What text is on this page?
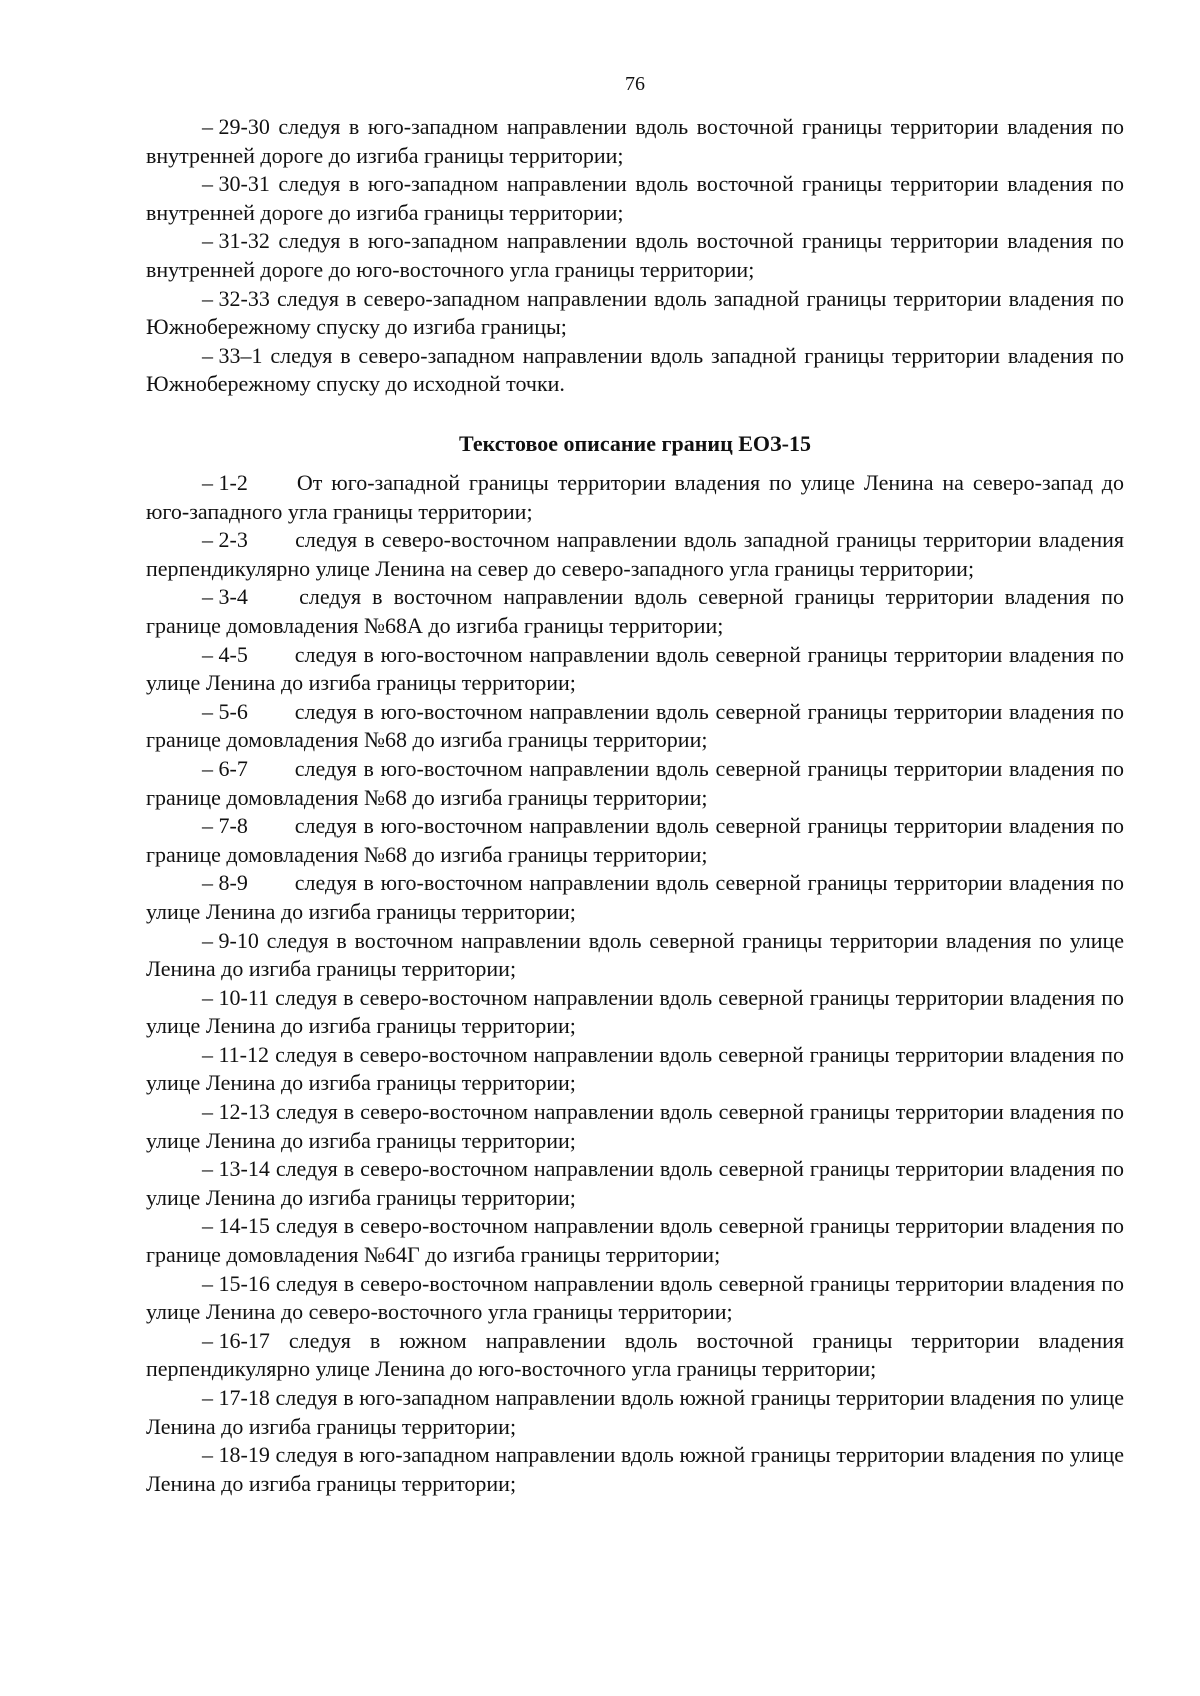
76

– 29-30 следуя в юго-западном направлении вдоль восточной границы территории владения по внутренней дороге до изгиба границы территории;

– 30-31 следуя в юго-западном направлении вдоль восточной границы территории владения по внутренней дороге до изгиба границы территории;

– 31-32 следуя в юго-западном направлении вдоль восточной границы территории владения по внутренней дороге до юго-восточного угла границы территории;

– 32-33 следуя в северо-западном направлении вдоль западной границы территории владения по Южнобережному спуску до изгиба границы;

– 33–1 следуя в северо-западном направлении вдоль западной границы территории владения по Южнобережному спуску до исходной точки.

Текстовое описание границ ЕОЗ-15

– 1-2 От юго-западной границы территории владения по улице Ленина на северо-запад до юго-западного угла границы территории;

– 2-3 следуя в северо-восточном направлении вдоль западной границы территории владения перпендикулярно улице Ленина на север до северо-западного угла границы территории;

– 3-4 следуя в восточном направлении вдоль северной границы территории владения по границе домовладения №68А до изгиба границы территории;

– 4-5 следуя в юго-восточном направлении вдоль северной границы территории владения по улице Ленина до изгиба границы территории;

– 5-6 следуя в юго-восточном направлении вдоль северной границы территории владения по границе домовладения №68 до изгиба границы территории;

– 6-7 следуя в юго-восточном направлении вдоль северной границы территории владения по границе домовладения №68 до изгиба границы территории;

– 7-8 следуя в юго-восточном направлении вдоль северной границы территории владения по границе домовладения №68 до изгиба границы территории;

– 8-9 следуя в юго-восточном направлении вдоль северной границы территории владения по улице Ленина до изгиба границы территории;

– 9-10 следуя в восточном направлении вдоль северной границы территории владения по улице Ленина до изгиба границы территории;

– 10-11 следуя в северо-восточном направлении вдоль северной границы территории владения по улице Ленина до изгиба границы территории;

– 11-12 следуя в северо-восточном направлении вдоль северной границы территории владения по улице Ленина до изгиба границы территории;

– 12-13 следуя в северо-восточном направлении вдоль северной границы территории владения по улице Ленина до изгиба границы территории;

– 13-14 следуя в северо-восточном направлении вдоль северной границы территории владения по улице Ленина до изгиба границы территории;

– 14-15 следуя в северо-восточном направлении вдоль северной границы территории владения по границе домовладения №64Г до изгиба границы территории;

– 15-16 следуя в северо-восточном направлении вдоль северной границы территории владения по улице Ленина до северо-восточного угла границы территории;

– 16-17 следуя в южном направлении вдоль восточной границы территории владения перпендикулярно улице Ленина до юго-восточного угла границы территории;

– 17-18 следуя в юго-западном направлении вдоль южной границы территории владения по улице Ленина до изгиба границы территории;

– 18-19 следуя в юго-западном направлении вдоль южной границы территории владения по улице Ленина до изгиба границы территории;
